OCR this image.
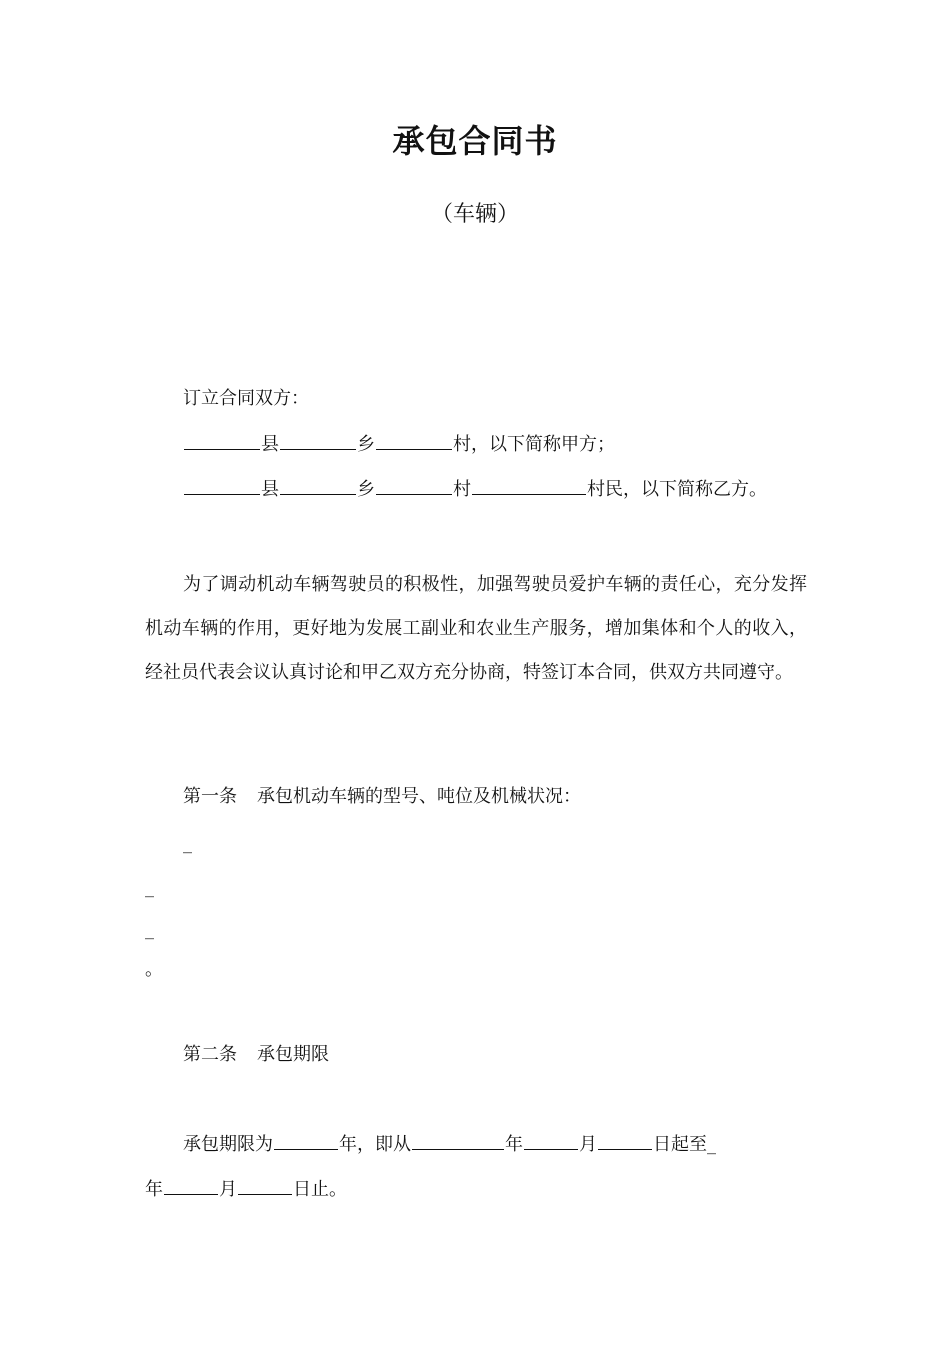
承包合同书
（车辆）
订立合同双方：
县	乡	村，以下简称甲方；
县	乡	村	村民，以下简称乙方。
为了调动机动车辆驾驶员的积极性，加强驾驶员爱护车辆的责任心，充分发挥机动车辆的作用，更好地为发展工副业和农业生产服务，增加集体和个人的收入，经社员代表会议认真讨论和甲乙双方充分协商，特签订本合同，供双方共同遵守。
第一条 承包机动车辆的型号、吨位及机械状况：
_
_
_
。
第二条 承包期限
承包期限为	年，即从	年	月	日起至_
年	月	日止。
